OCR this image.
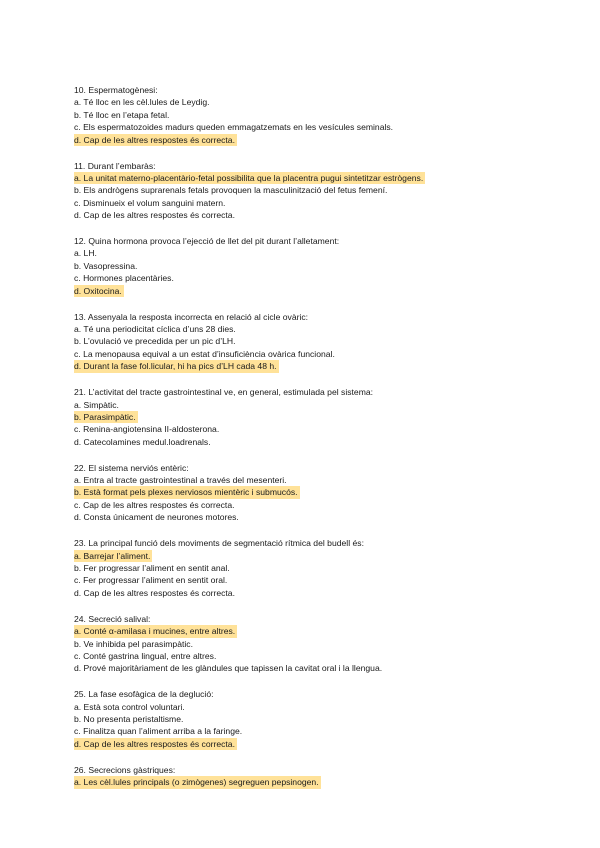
10. Espermatogènesi:
a. Té lloc en les cèl.lules de Leydig.
b. Té lloc en l’etapa fetal.
c. Els espermatozoides madurs queden emmagatzemats en les vesícules seminals.
d. Cap de les altres respostes és correcta.
11. Durant l’embaràs:
a. La unitat materno-placentàrio-fetal possibilita que la placentra pugui sintetitzar estrògens.
b. Els andrògens suprarenals fetals provoquen la masculinització del fetus femení.
c. Disminueix el volum sanguini matern.
d. Cap de les altres respostes és correcta.
12. Quina hormona provoca l’ejecció de llet del pit durant l’alletament:
a. LH.
b. Vasopressina.
c. Hormones placentàries.
d. Oxitocina.
13. Assenyala la resposta incorrecta en relació al cicle ovàric:
a. Té una periodicitat cíclica d’uns 28 dies.
b. L’ovulació ve precedida per un pic d’LH.
c. La menopausa equival a un estat d’insuficiència ovàrica funcional.
d. Durant la fase fol.licular, hi ha pics d’LH cada 48 h.
21. L’activitat del tracte gastrointestinal ve, en general, estimulada pel sistema:
a. Simpàtic.
b. Parasimpàtic.
c. Renina-angiotensina II-aldosterona.
d. Catecolamines medul.loadrenals.
22. El sistema nerviós entèric:
a. Entra al tracte gastrointestinal a través del mesenteri.
b. Està format pels plexes nerviosos mientèric i submucós.
c. Cap de les altres respostes és correcta.
d. Consta únicament de neurones motores.
23. La principal funció dels moviments de segmentació rítmica del budell és:
a. Barrejar l’aliment.
b. Fer progressar l’aliment en sentit anal.
c. Fer progressar l’aliment en sentit oral.
d. Cap de les altres respostes és correcta.
24. Secreció salival:
a. Conté α-amilasa i mucines, entre altres.
b. Ve inhibida pel parasimpàtic.
c. Conté gastrina lingual, entre altres.
d. Prové majoritàriament de les glàndules que tapissen la cavitat oral i la llengua.
25. La fase esofàgica de la deglució:
a. Està sota control voluntari.
b. No presenta peristaltisme.
c. Finalitza quan l’aliment arriba a la faringe.
d. Cap de les altres respostes és correcta.
26. Secrecions gàstriques:
a. Les cèl.lules principals (o zimògenes) segreguen pepsinogen.
